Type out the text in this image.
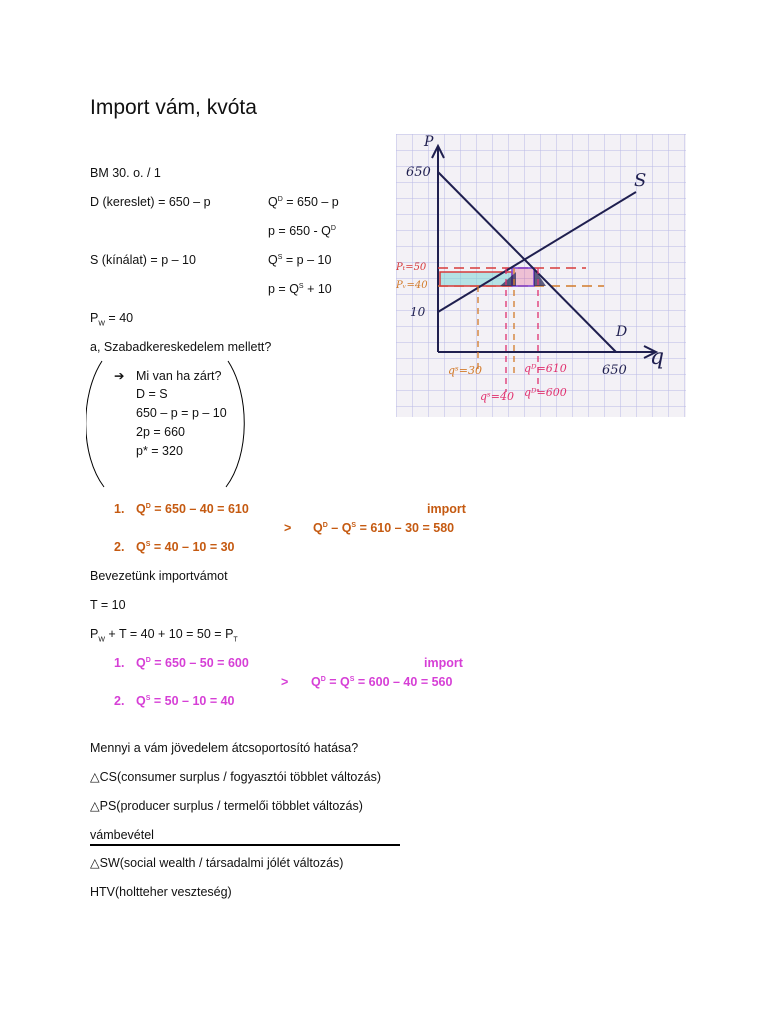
Import vám, kvóta
BM 30. o. / 1
D (kereslet) = 650 – p	$Q^D = 650 - p$
$p = 650 - Q^D$
S (kínálat) = p – 10	$Q^S = p - 10$
$p = Q^S + 10$
$P_W = 40$
a, Szabadkereskedelem mellett?
➔ Mi van ha zárt?
D = S
650 – p = p – 10
2p = 660
p* = 320
1. $Q^D = 650 - 40 = 610$	import
> $Q^D - Q^S = 610 - 30 = 580$
2. $Q^S = 40 - 10 = 30$
Bevezetünk importvámot
T = 10
$P_W + T = 40 + 10 = 50 = P_T$
1. $Q^D = 650 - 50 = 600$	import
> $Q^D = Q^S = 600 - 40 = 560$
2. $Q^S = 50 - 10 = 40$
Mennyi a vám jövedelem átcsoportosító hatása?
△CS(consumer surplus / fogyasztói többlet változás)
△PS(producer surplus / termelői többlet változás)
vámbevétel
△SW(social wealth / társadalmi jólét változás)
HTV(holtteher veszteség)
P
q
650
10
Pₜ=50
Pᵥ=40
S
D
650
qˢ=30	qᴰ=610
qˢ=40 qᴰ=600
